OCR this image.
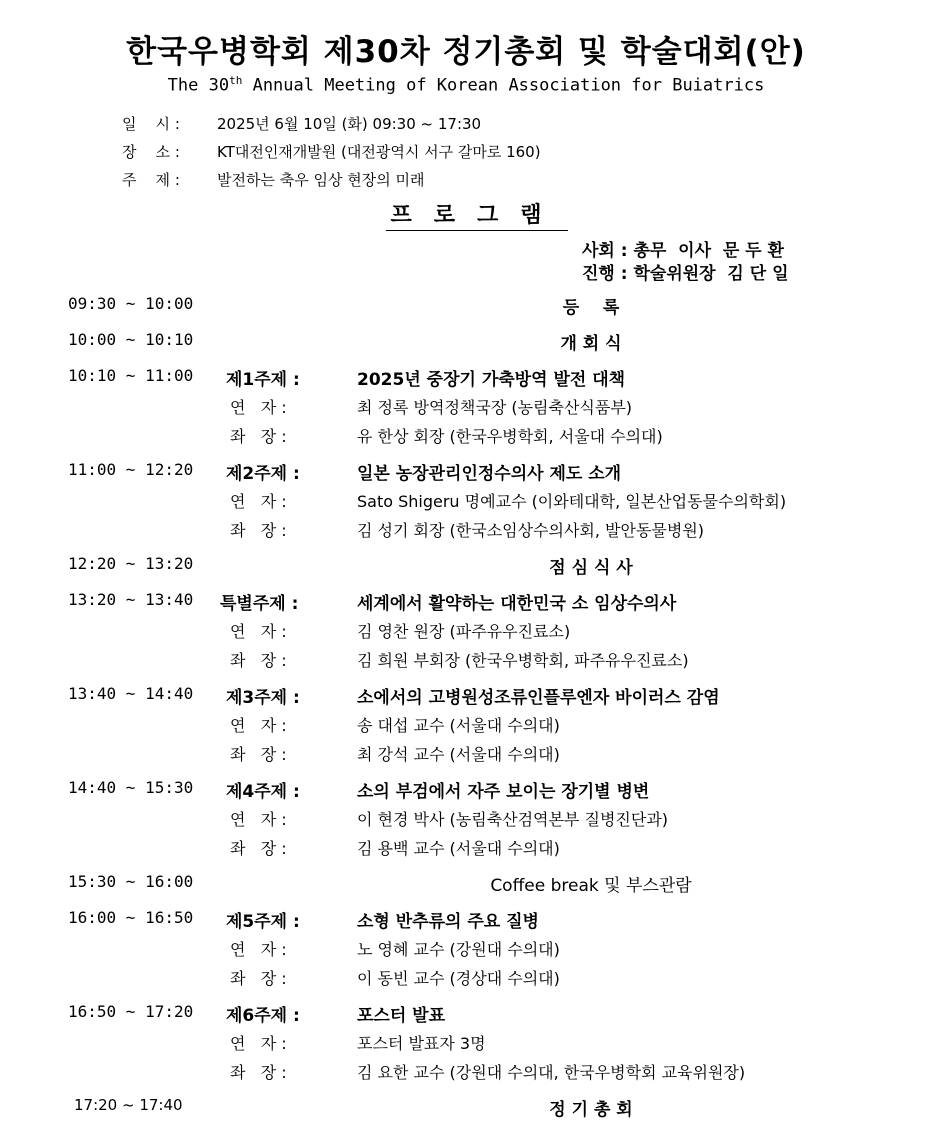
한국우병학회 제30차 정기총회 및 학술대회(안)
The 30th Annual Meeting of Korean Association for Buiatrics
일    시 : 2025년 6월 10일 (화) 09:30 ~ 17:30
장    소 : KT대전인재개발원 (대전광역시 서구 갈마로 160)
주    제 : 발전하는 축우 임상 현장의 미래
프로그램
사회 : 총무  이사  문 두 환
진행 : 학술위원장  김 단 일
09:30 ~ 10:00	등    록
10:00 ~ 10:10	개 회 식
10:10 ~ 11:00 제1주제 :	2025년 중장기 가축방역 발전 대책
연   자 :	최 정록 방역정책국장 (농림축산식품부)
좌   장 :	유 한상 회장 (한국우병학회, 서울대 수의대)
11:00 ~ 12:20 제2주제 :	일본 농장관리인정수의사 제도 소개
연   자 :	Sato Shigeru 명예교수 (이와테대학, 일본산업동물수의학회)
좌   장 :	김 성기 회장 (한국소임상수의사회, 발안동물병원)
12:20 ~ 13:20	점 심 식 사
13:20 ~ 13:40 특별주제 :	세계에서 활약하는 대한민국 소 임상수의사
연   자 :	김 영찬 원장 (파주유우진료소)
좌   장 :	김 희원 부회장 (한국우병학회, 파주유우진료소)
13:40 ~ 14:40 제3주제 :	소에서의 고병원성조류인플루엔자 바이러스 감염
연   자 :	송 대섭 교수 (서울대 수의대)
좌   장 :	최 강석 교수 (서울대 수의대)
14:40 ~ 15:30 제4주제 :	소의 부검에서 자주 보이는 장기별 병변
연   자 :	이 현경 박사 (농림축산검역본부 질병진단과)
좌   장 :	김 용백 교수 (서울대 수의대)
15:30 ~ 16:00	Coffee break 및 부스관람
16:00 ~ 16:50 제5주제 :	소형 반추류의 주요 질병
연   자 :	노 영혜 교수 (강원대 수의대)
좌   장 :	이 동빈 교수 (경상대 수의대)
16:50 ~ 17:20 제6주제 :	포스터 발표
연   자 :	포스터 발표자 3명
좌   장 :	김 요한 교수 (강원대 수의대, 한국우병학회 교육위원장)
17:20 ~ 17:40	정 기 총 회
